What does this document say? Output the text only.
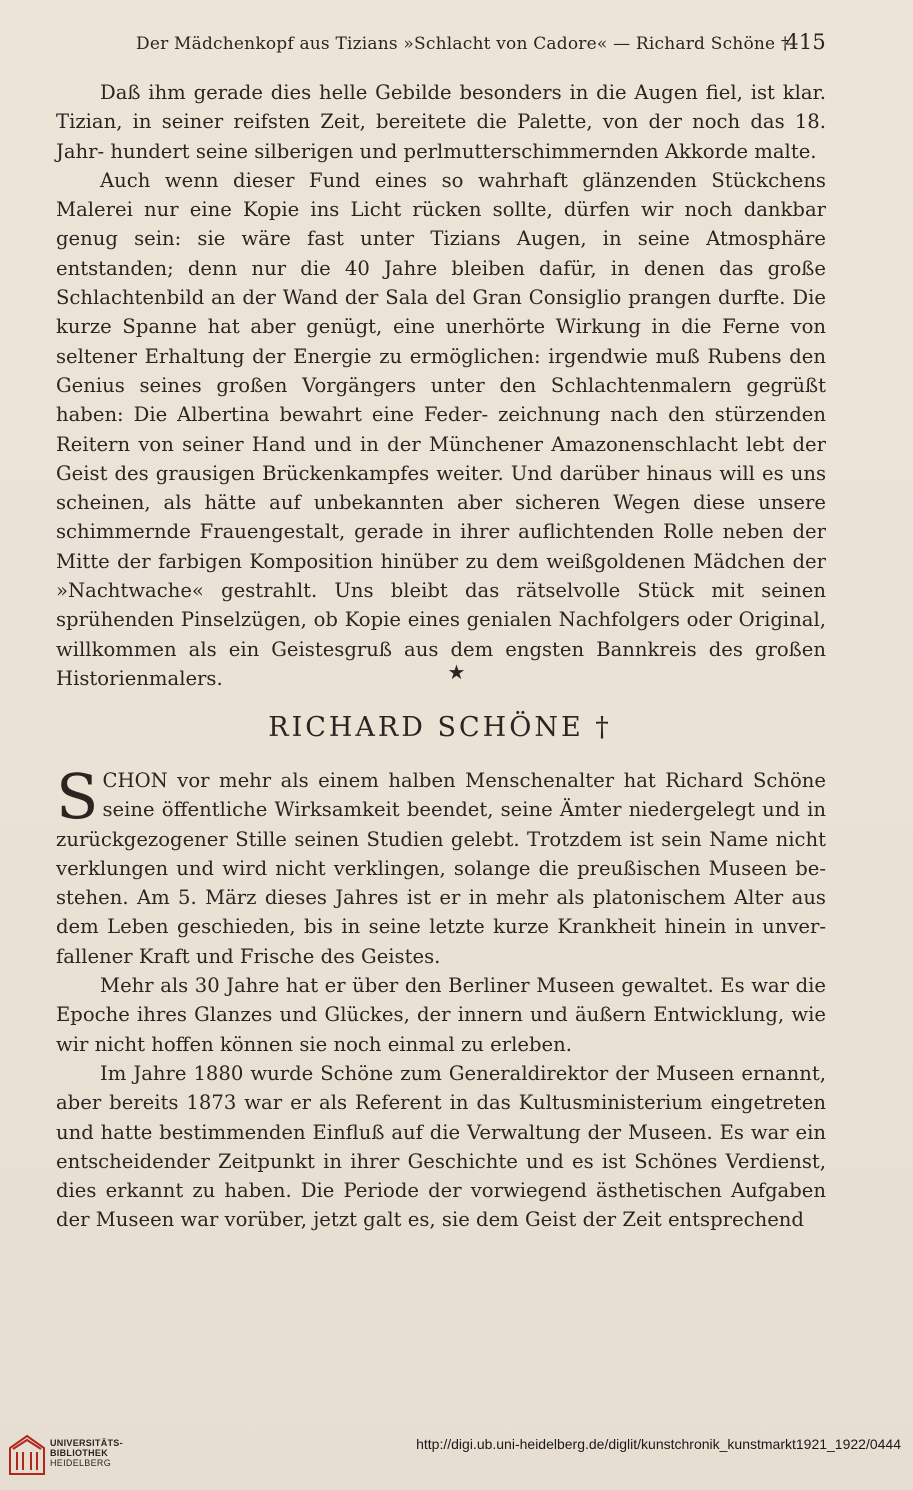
Der Mädchenkopf aus Tizians »Schlacht von Cadore« — Richard Schöne †
415

Daß ihm gerade dies helle Gebilde besonders in die Augen fiel, ist klar. Tizian, in seiner reifsten Zeit, bereitete die Palette, von der noch das 18. Jahr- hundert seine silberigen und perlmutterschimmernden Akkorde malte.

Auch wenn dieser Fund eines so wahrhaft glänzenden Stückchens Malerei nur eine Kopie ins Licht rücken sollte, dürfen wir noch dankbar genug sein: sie wäre fast unter Tizians Augen, in seine Atmosphäre entstanden; denn nur die 40 Jahre bleiben dafür, in denen das große Schlachtenbild an der Wand der Sala del Gran Consiglio prangen durfte. Die kurze Spanne hat aber genügt, eine unerhörte Wirkung in die Ferne von seltener Erhaltung der Energie zu ermöglichen: irgendwie muß Rubens den Genius seines großen Vorgängers unter den Schlachtenmalern gegrüßt haben: Die Albertina bewahrt eine Feder- zeichnung nach den stürzenden Reitern von seiner Hand und in der Münchener Amazonenschlacht lebt der Geist des grausigen Brückenkampfes weiter. Und darüber hinaus will es uns scheinen, als hätte auf unbekannten aber sicheren Wegen diese unsere schimmernde Frauengestalt, gerade in ihrer auflichtenden Rolle neben der Mitte der farbigen Komposition hinüber zu dem weißgoldenen Mädchen der »Nachtwache« gestrahlt. Uns bleibt das rätselvolle Stück mit seinen sprühenden Pinselzügen, ob Kopie eines genialen Nachfolgers oder Original, willkommen als ein Geistesgruß aus dem engsten Bannkreis des großen Historienmalers.	★
RICHARD SCHÖNE †

SCHON vor mehr als einem halben Menschenalter hat Richard Schöne seine öffentliche Wirksamkeit beendet, seine Ämter niedergelegt und in zurückgezogener Stille seinen Studien gelebt. Trotzdem ist sein Name nicht verklungen und wird nicht verklingen, solange die preußischen Museen be- stehen. Am 5. März dieses Jahres ist er in mehr als platonischem Alter aus dem Leben geschieden, bis in seine letzte kurze Krankheit hinein in unver- fallener Kraft und Frische des Geistes.

Mehr als 30 Jahre hat er über den Berliner Museen gewaltet. Es war die Epoche ihres Glanzes und Glückes, der innern und äußern Entwicklung, wie wir nicht hoffen können sie noch einmal zu erleben.

Im Jahre 1880 wurde Schöne zum Generaldirektor der Museen ernannt, aber bereits 1873 war er als Referent in das Kultusministerium eingetreten und hatte bestimmenden Einfluß auf die Verwaltung der Museen. Es war ein entscheidender Zeitpunkt in ihrer Geschichte und es ist Schönes Verdienst, dies erkannt zu haben. Die Periode der vorwiegend ästhetischen Aufgaben der Museen war vorüber, jetzt galt es, sie dem Geist der Zeit entsprechend

UNIVERSITÄTS-
BIBLIOTHEK
HEIDELBERG
http://digi.ub.uni-heidelberg.de/diglit/kunstchronik_kunstmarkt1921_1922/0444
